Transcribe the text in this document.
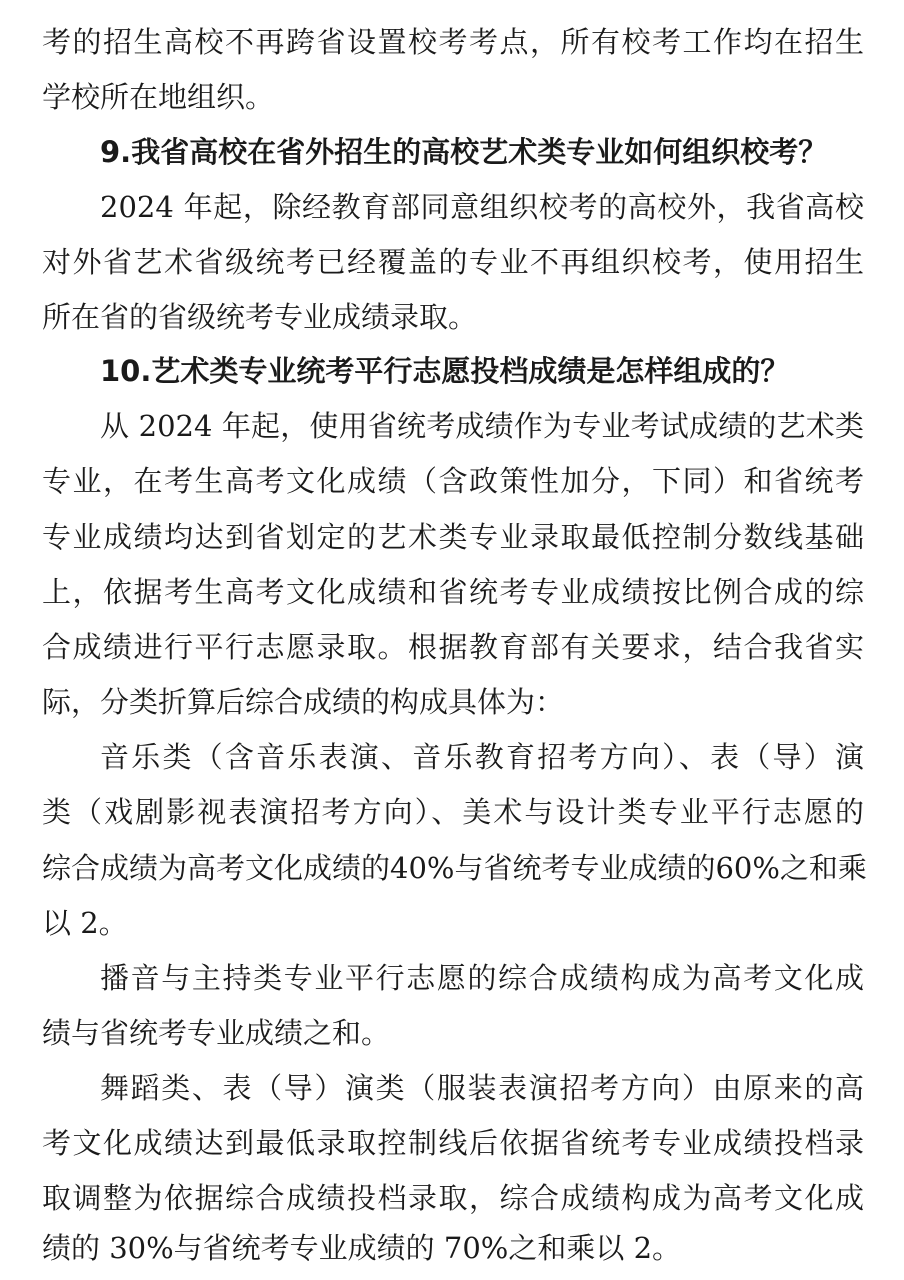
考的招生高校不再跨省设置校考考点，所有校考工作均在招生
学校所在地组织。
9.我省高校在省外招生的高校艺术类专业如何组织校考？
2024 年起，除经教育部同意组织校考的高校外，我省高校
对外省艺术省级统考已经覆盖的专业不再组织校考，使用招生
所在省的省级统考专业成绩录取。
10.艺术类专业统考平行志愿投档成绩是怎样组成的？
从 2024 年起，使用省统考成绩作为专业考试成绩的艺术类
专业，在考生高考文化成绩（含政策性加分，下同）和省统考
专业成绩均达到省划定的艺术类专业录取最低控制分数线基础
上，依据考生高考文化成绩和省统考专业成绩按比例合成的综
合成绩进行平行志愿录取。根据教育部有关要求，结合我省实
际，分类折算后综合成绩的构成具体为：
音乐类（含音乐表演、音乐教育招考方向）、表（导）演
类（戏剧影视表演招考方向）、美术与设计类专业平行志愿的
综合成绩为高考文化成绩的40%与省统考专业成绩的60%之和乘
以 2。
播音与主持类专业平行志愿的综合成绩构成为高考文化成
绩与省统考专业成绩之和。
舞蹈类、表（导）演类（服装表演招考方向）由原来的高
考文化成绩达到最低录取控制线后依据省统考专业成绩投档录
取调整为依据综合成绩投档录取，综合成绩构成为高考文化成
绩的 30%与省统考专业成绩的 70%之和乘以 2。
